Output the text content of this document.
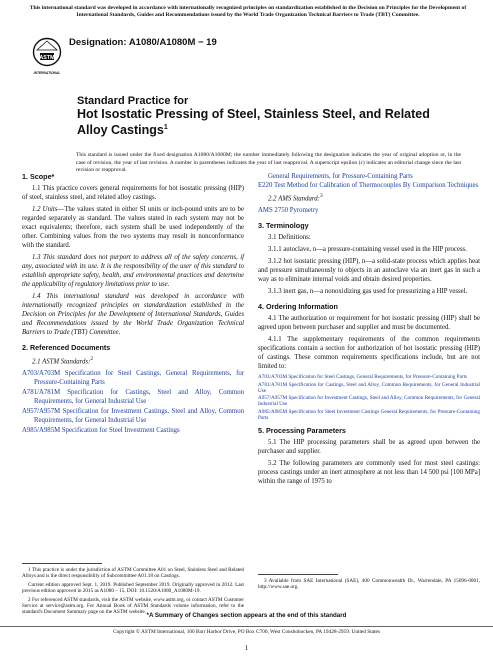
This international standard was developed in accordance with internationally recognized principles on standardization established in the Decision on Principles for the Development of International Standards, Guides and Recommendations issued by the World Trade Organization Technical Barriers to Trade (TBT) Committee.
ASTM
INTERNATIONAL
Designation: A1080/A1080M − 19
Standard Practice for
Hot Isostatic Pressing of Steel, Stainless Steel, and Related
Alloy Castings$^1$
This standard is issued under the fixed designation A1080/A1080M; the number immediately following the designation indicates the year of original adoption or, in the case of revision, the year of last revision. A number in parentheses indicates the year of last reapproval. A superscript epsilon (ε) indicates an editorial change since the last revision or reapproval.
1. Scope*

1.1 This practice covers general requirements for hot isostatic pressing (HIP) of steel, stainless steel, and related alloy castings.

1.2 Units—The values stated in either SI units or inch-pound units are to be regarded separately as standard. The values stated in each system may not be exact equivalents; therefore, each system shall be used independently of the other. Combining values from the two systems may result in nonconformance with the standard.

1.3 This standard does not purport to address all of the safety concerns, if any, associated with its use. It is the responsibility of the user of this standard to establish appropriate safety, health, and environmental practices and determine the applicability of regulatory limitations prior to use.

1.4 This international standard was developed in accordance with internationally recognized principles on standardization established in the Decision on Principles for the Development of International Standards, Guides and Recommendations issued by the World Trade Organization Technical Barriers to Trade (TBT) Committee.

2. Referenced Documents

2.1 ASTM Standards:$^2$

A703/A703M Specification for Steel Castings, General Requirements, for Pressure-Containing Parts
A781/A781M Specification for Castings, Steel and Alloy, Common Requirements, for General Industrial Use
A957/A957M Specification for Investment Castings, Steel and Alloy, Common Requirements, for General Industrial Use
A985/A985M Specification for Steel Investment Castings
1 This practice is under the jurisdiction of ASTM Committee A01 on Steel, Stainless Steel and Related Alloys and is the direct responsibility of Subcommittee A01.18 on Castings.
Current edition approved Sept. 1, 2019. Published September 2019. Originally approved in 2012. Last previous edition approved in 2015 as A1080 – 15. DOI: 10.1520/A1080_A1080M-19.
2 For referenced ASTM standards, visit the ASTM website, www.astm.org, or contact ASTM Customer Service at service@astm.org. For Annual Book of ASTM Standards volume information, refer to the standard's Document Summary page on the ASTM website.
General Requirements, for Pressure-Containing Parts
E220 Test Method for Calibration of Thermocouples By Comparison Techniques

2.2 AMS Standard:$^3$

AMS 2750 Pyrometry
3. Terminology

3.1 Definitions:

3.1.1 autoclave, n—a pressure-containing vessel used in the HIP process.

3.1.2 hot isostatic pressing (HIP), n—a solid-state process which applies heat and pressure simultaneously to objects in an autoclave via an inert gas in such a way as to eliminate internal voids and obtain desired properties.

3.1.3 inert gas, n—a nonoxidizing gas used for pressurizing a HIP vessel.

4. Ordering Information

4.1 The authorization or requirement for hot isostatic pressing (HIP) shall be agreed upon between purchaser and supplier and must be documented.

4.1.1 The supplementary requirements of the common requirements specifications contain a section for authorization of hot isostatic pressing (HIP) of castings. These common requirements specifications include, but are not limited to:

A703/A703M Specification for Steel Castings, General Requirements, for Pressure-Containing Parts

A781/A781M Specification for Castings, Steel and Alloy, Common Requirements, for General Industrial Use

A957/A957M Specification for Investment Castings, Steel and Alloy, Common Requirements, for General Industrial Use

A985/A985M Specification for Steel Investment Castings General Requirements, for Pressure-Containing Parts

5. Processing Parameters

5.1 The HIP processing parameters shall be as agreed upon between the purchaser and supplier.

5.2 The following parameters are commonly used for most steel castings: process castings under an inert atmosphere at not less than 14 500 psi [100 MPa] within the range of 1975 to

3 Available from SAE International (SAE), 400 Commonwealth Dr., Warrendale, PA 15096-0001, http://www.sae.org.
*A Summary of Changes section appears at the end of this standard
Copyright © ASTM International, 100 Barr Harbor Drive, PO Box C700, West Conshohocken, PA 19428-2959. United States
1
